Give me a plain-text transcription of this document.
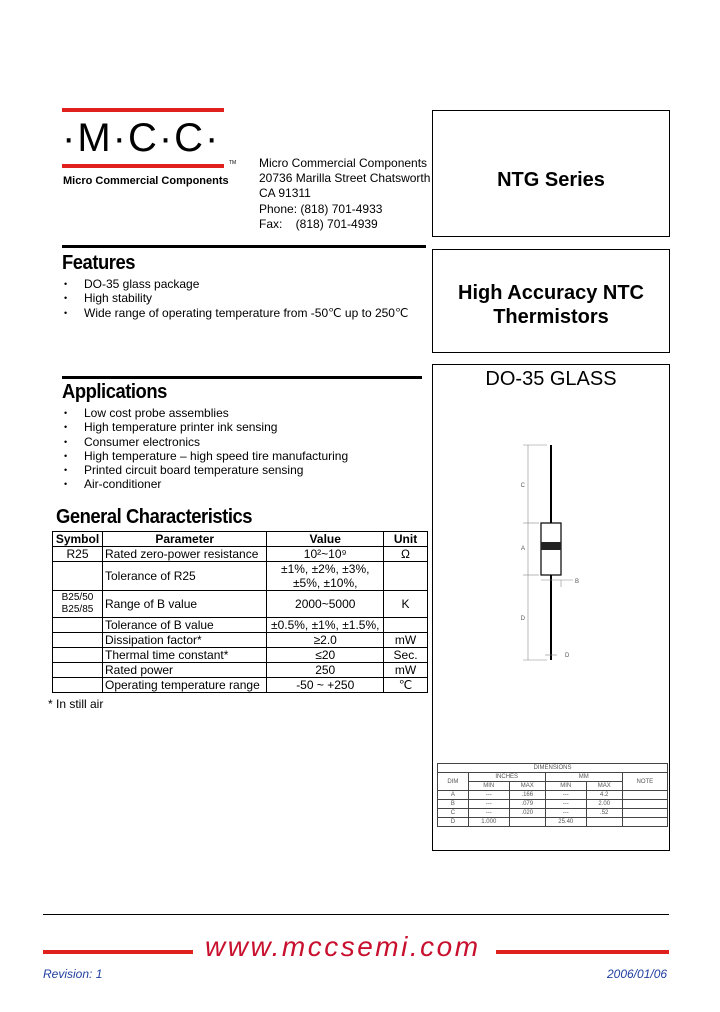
·M·C·C·
TM
Micro Commercial Components
Micro Commercial Components
20736 Marilla Street Chatsworth
CA 91311
Phone: (818) 701-4933
Fax:    (818) 701-4939
NTG Series
High Accuracy NTC
Thermistors
DO-35 GLASS
C
A
B
D
D
DIMENSIONS					
DIM	INCHES		MM		NOTE
	MIN	MAX	MIN	MAX	
A	---	.166	---	4.2	
B	---	.079	---	2.00	
C	---	.020	---	.52	
D	1.000		25.40		
Features
• DO-35 glass package
• High stability
• Wide range of operating temperature from -50℃ up to 250℃
Applications
• Low cost probe assemblies
• High temperature printer ink sensing
• Consumer electronics
• High temperature – high speed tire manufacturing
• Printed circuit board temperature sensing
• Air-conditioner
General Characteristics
Symbol	Parameter	Value	Unit
R25	Rated zero-power resistance	10²~10⁹	Ω
	Tolerance of R25	±1%, ±2%, ±3%, ±5%, ±10%,	
B25/50 B25/85	Range of B value	2000~5000	K
	Tolerance of B value	±0.5%, ±1%, ±1.5%,	
	Dissipation factor*	≥2.0	mW
	Thermal time constant*	≤20	Sec.
	Rated power	250	mW
	Operating temperature range	-50 ~ +250	℃
* In still air
www.mccsemi.com
Revision: 1	2006/01/06
